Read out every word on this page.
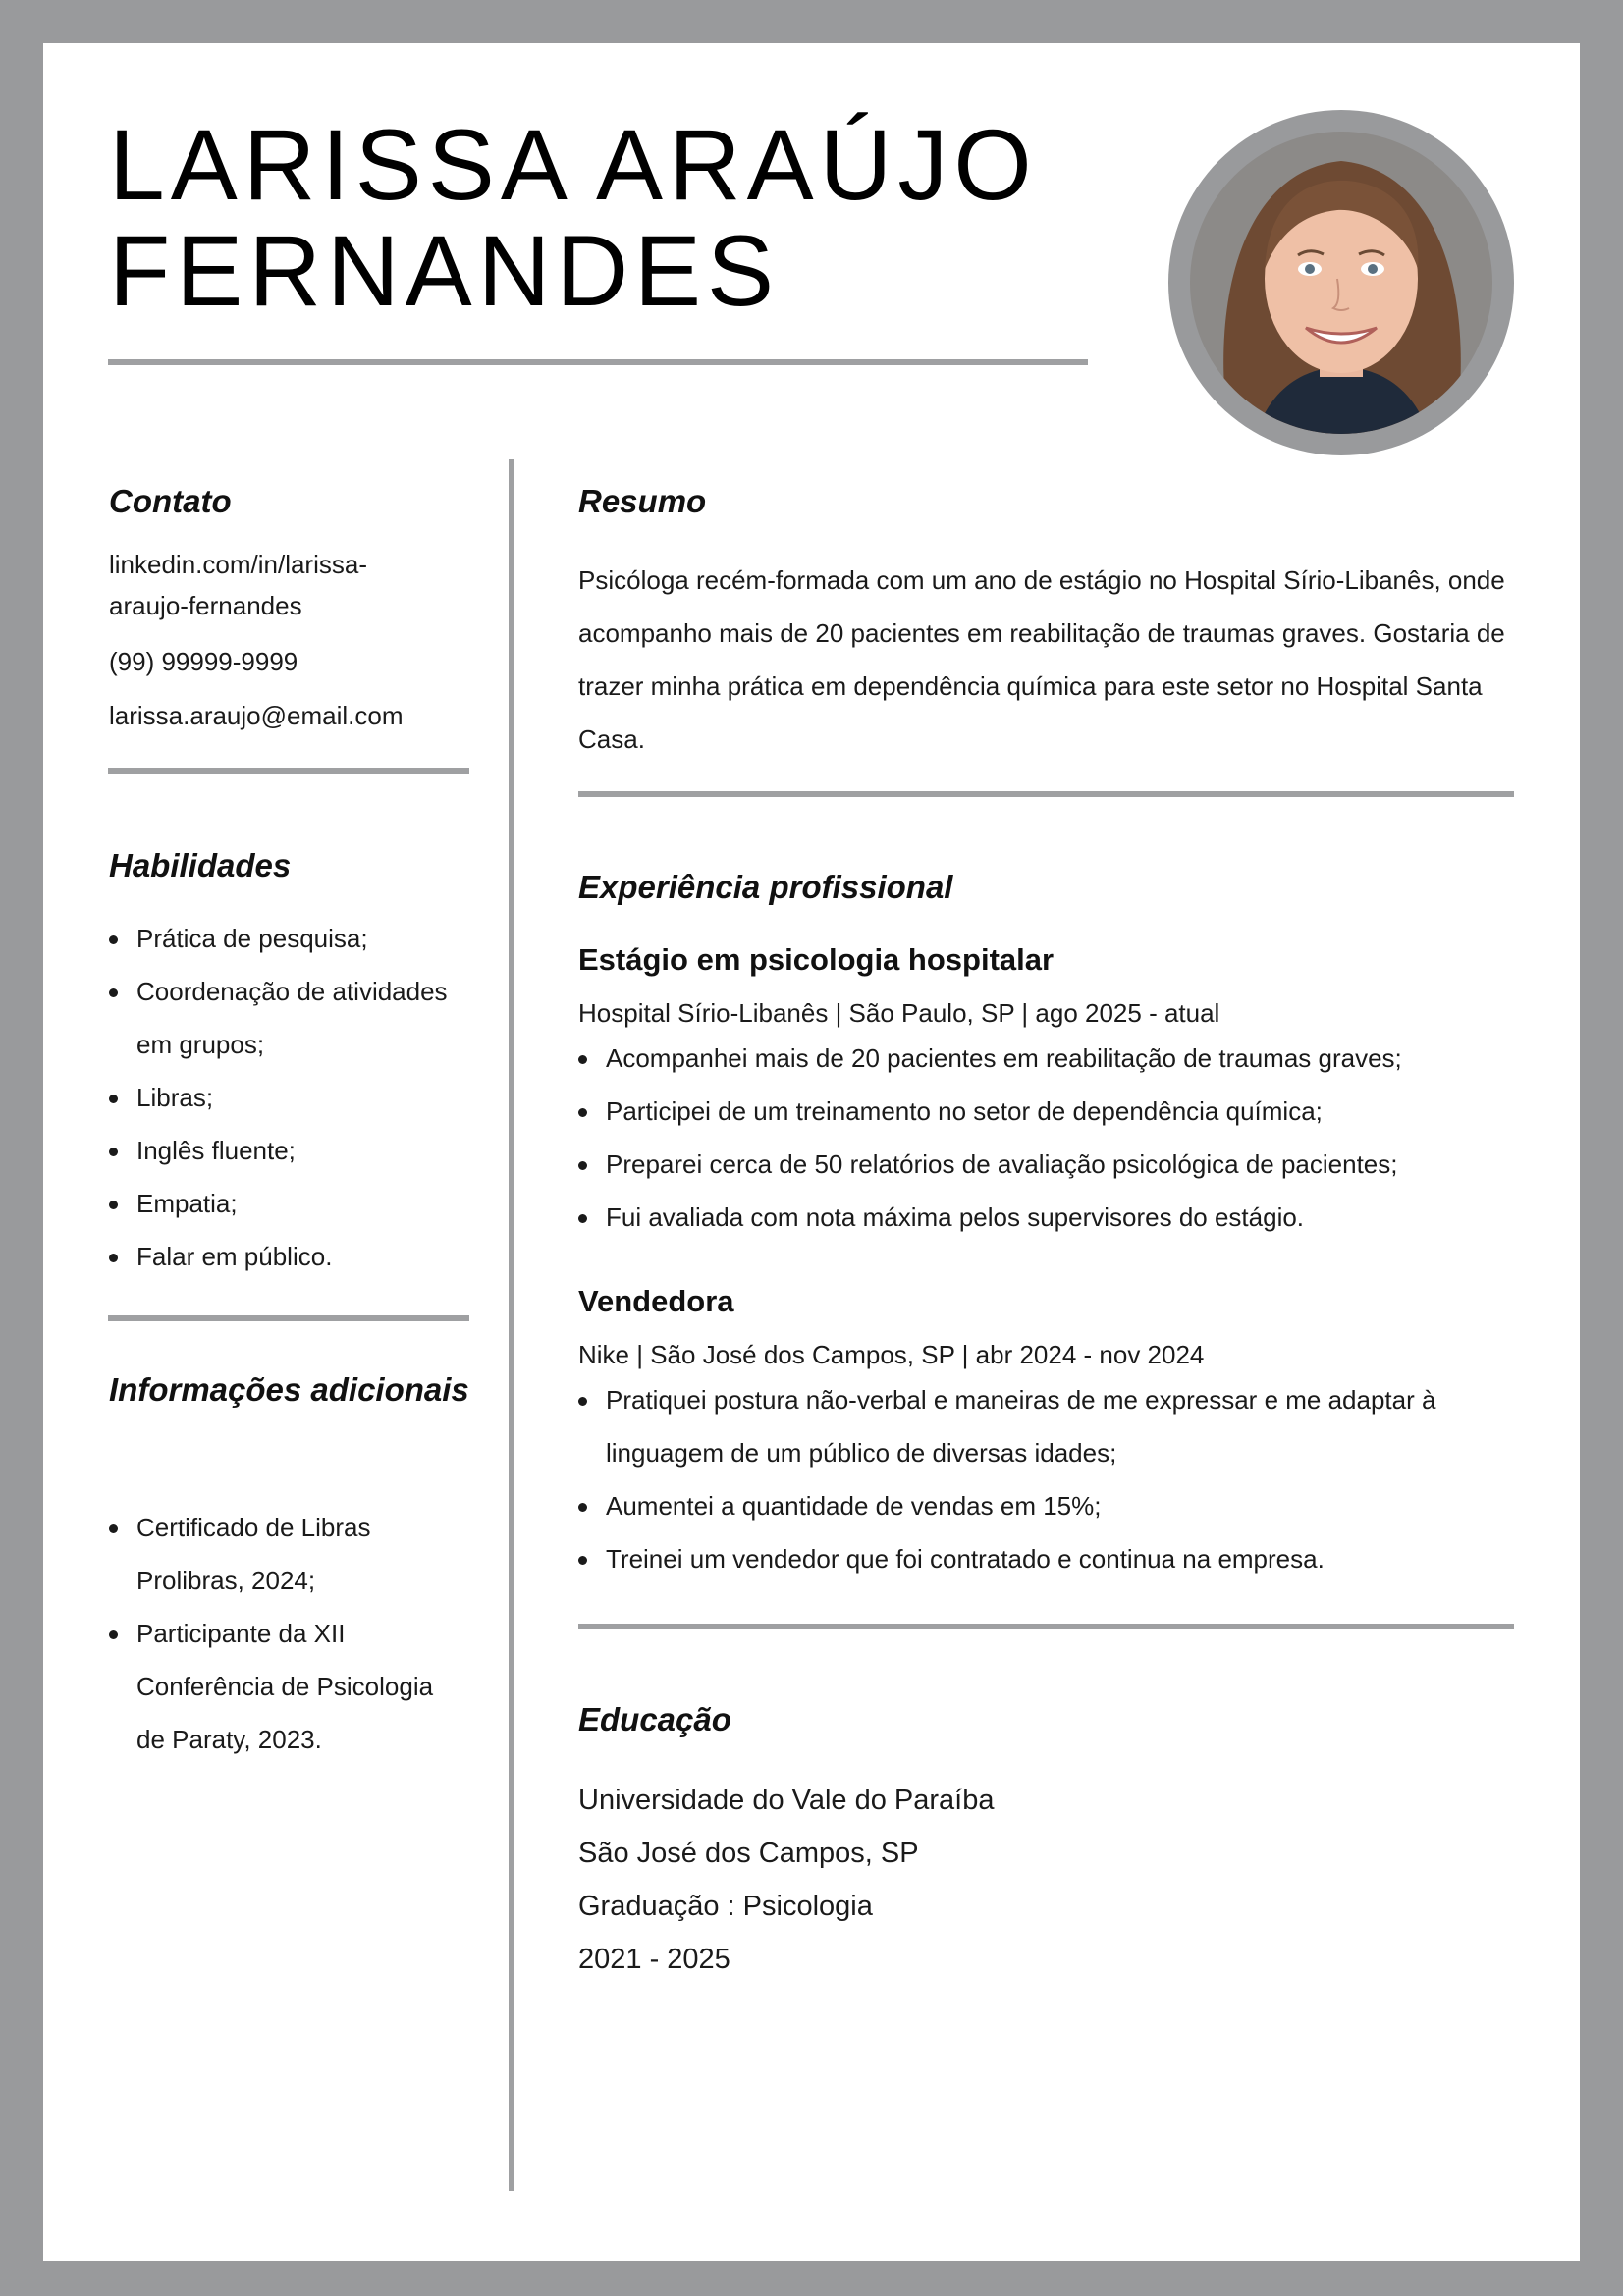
LARISSA ARAÚJO
FERNANDES
Contato
linkedin.com/in/larissa-
araujo-fernandes
(99) 99999-9999
larissa.araujo@email.com
Habilidades
Prática de pesquisa;
Coordenação de atividades em grupos;
Libras;
Inglês fluente;
Empatia;
Falar em público.
Informações adicionais
Certificado de Libras Prolibras, 2024;
Participante da XII Conferência de Psicologia de Paraty, 2023.
Resumo
Psicóloga recém-formada com um ano de estágio no Hospital Sírio-Libanês, onde acompanho mais de 20 pacientes em reabilitação de traumas graves. Gostaria de trazer minha prática em dependência química para este setor no Hospital Santa Casa.
Experiência profissional
Estágio em psicologia hospitalar
Hospital Sírio-Libanês | São Paulo, SP | ago 2025 - atual
Acompanhei mais de 20 pacientes em reabilitação de traumas graves;
Participei de um treinamento no setor de dependência química;
Preparei cerca de 50 relatórios de avaliação psicológica de pacientes;
Fui avaliada com nota máxima pelos supervisores do estágio.
Vendedora
Nike | São José dos Campos, SP | abr 2024 - nov 2024
Pratiquei postura não-verbal e maneiras de me expressar e me adaptar à linguagem de um público de diversas idades;
Aumentei a quantidade de vendas em 15%;
Treinei um vendedor que foi contratado e continua na empresa.
Educação
Universidade do Vale do Paraíba
São José dos Campos, SP
Graduação : Psicologia
2021 - 2025
